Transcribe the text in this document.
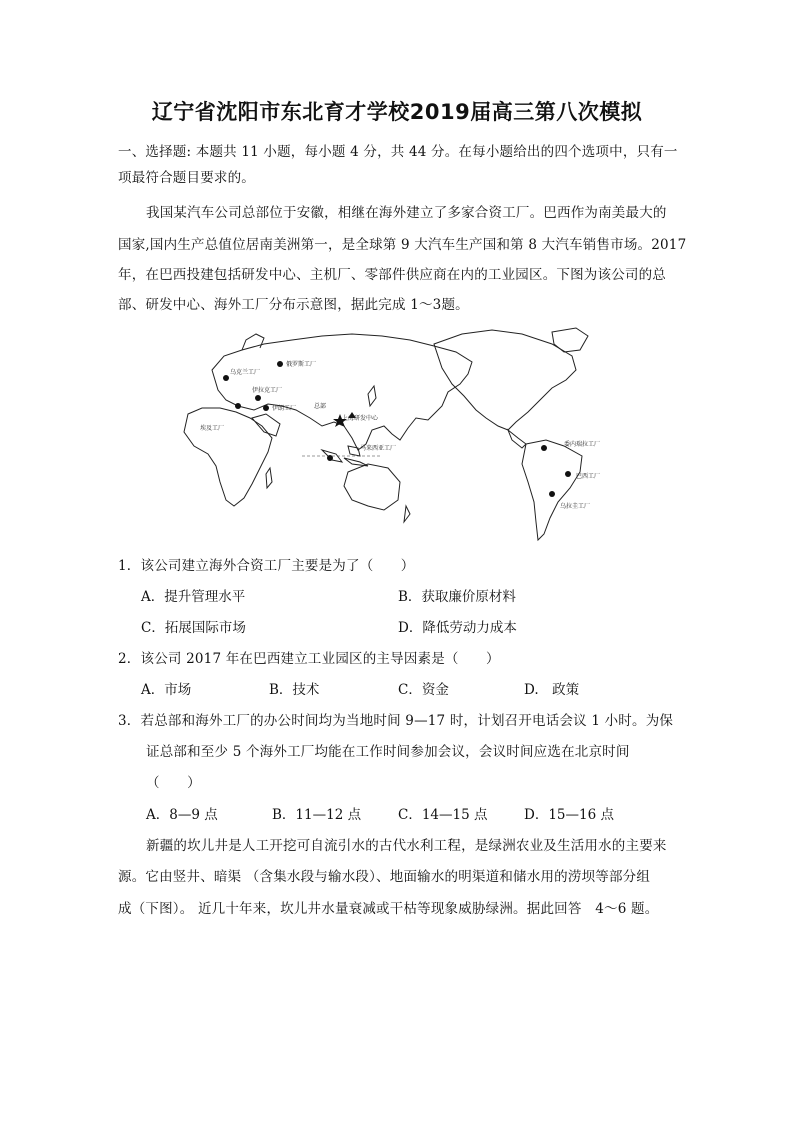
辽宁省沈阳市东北育才学校2019届高三第八次模拟
一、选择题: 本题共 11 小题，每小题 4 分，共 44 分。在每小题给出的四个选项中，只有一
项最符合题目要求的。
我国某汽车公司总部位于安徽，相继在海外建立了多家合资工厂。巴西作为南美最大的
国家,国内生产总值位居南美洲第一，是全球第 9 大汽车生产国和第 8 大汽车销售市场。2017
年，在巴西投建包括研发中心、主机厂、零部件供应商在内的工业园区。下图为该公司的总
部、研发中心、海外工厂分布示意图，据此完成 1～3题。
俄罗斯工厂
乌克兰工厂
伊拉克工厂
伊朗工厂
埃及工厂
总部
上海研发中心
马来西亚工厂
委内瑞拉工厂
巴西工厂
乌拉圭工厂
1．该公司建立海外合资工厂主要是为了（　　）
A．提升管理水平	B．获取廉价原材料
C．拓展国际市场	D．降低劳动力成本
2．该公司 2017 年在巴西建立工业园区的主导因素是（　　）
A．市场	B．技术	C．资金	D.　政策
3．若总部和海外工厂的办公时间均为当地时间 9—17 时，计划召开电话会议 1 小时。为保
证总部和至少 5 个海外工厂均能在工作时间参加会议，会议时间应选在北京时间
（　　）
A．8—9 点	B．11—12 点	C．14—15 点	D．15—16 点
新疆的坎儿井是人工开挖可自流引水的古代水利工程，是绿洲农业及生活用水的主要来
源。它由竖井、暗渠 （含集水段与输水段）、地面输水的明渠道和储水用的涝坝等部分组
成（下图）。 近几十年来，坎儿井水量衰减或干枯等现象威胁绿洲。据此回答　4～6 题。
